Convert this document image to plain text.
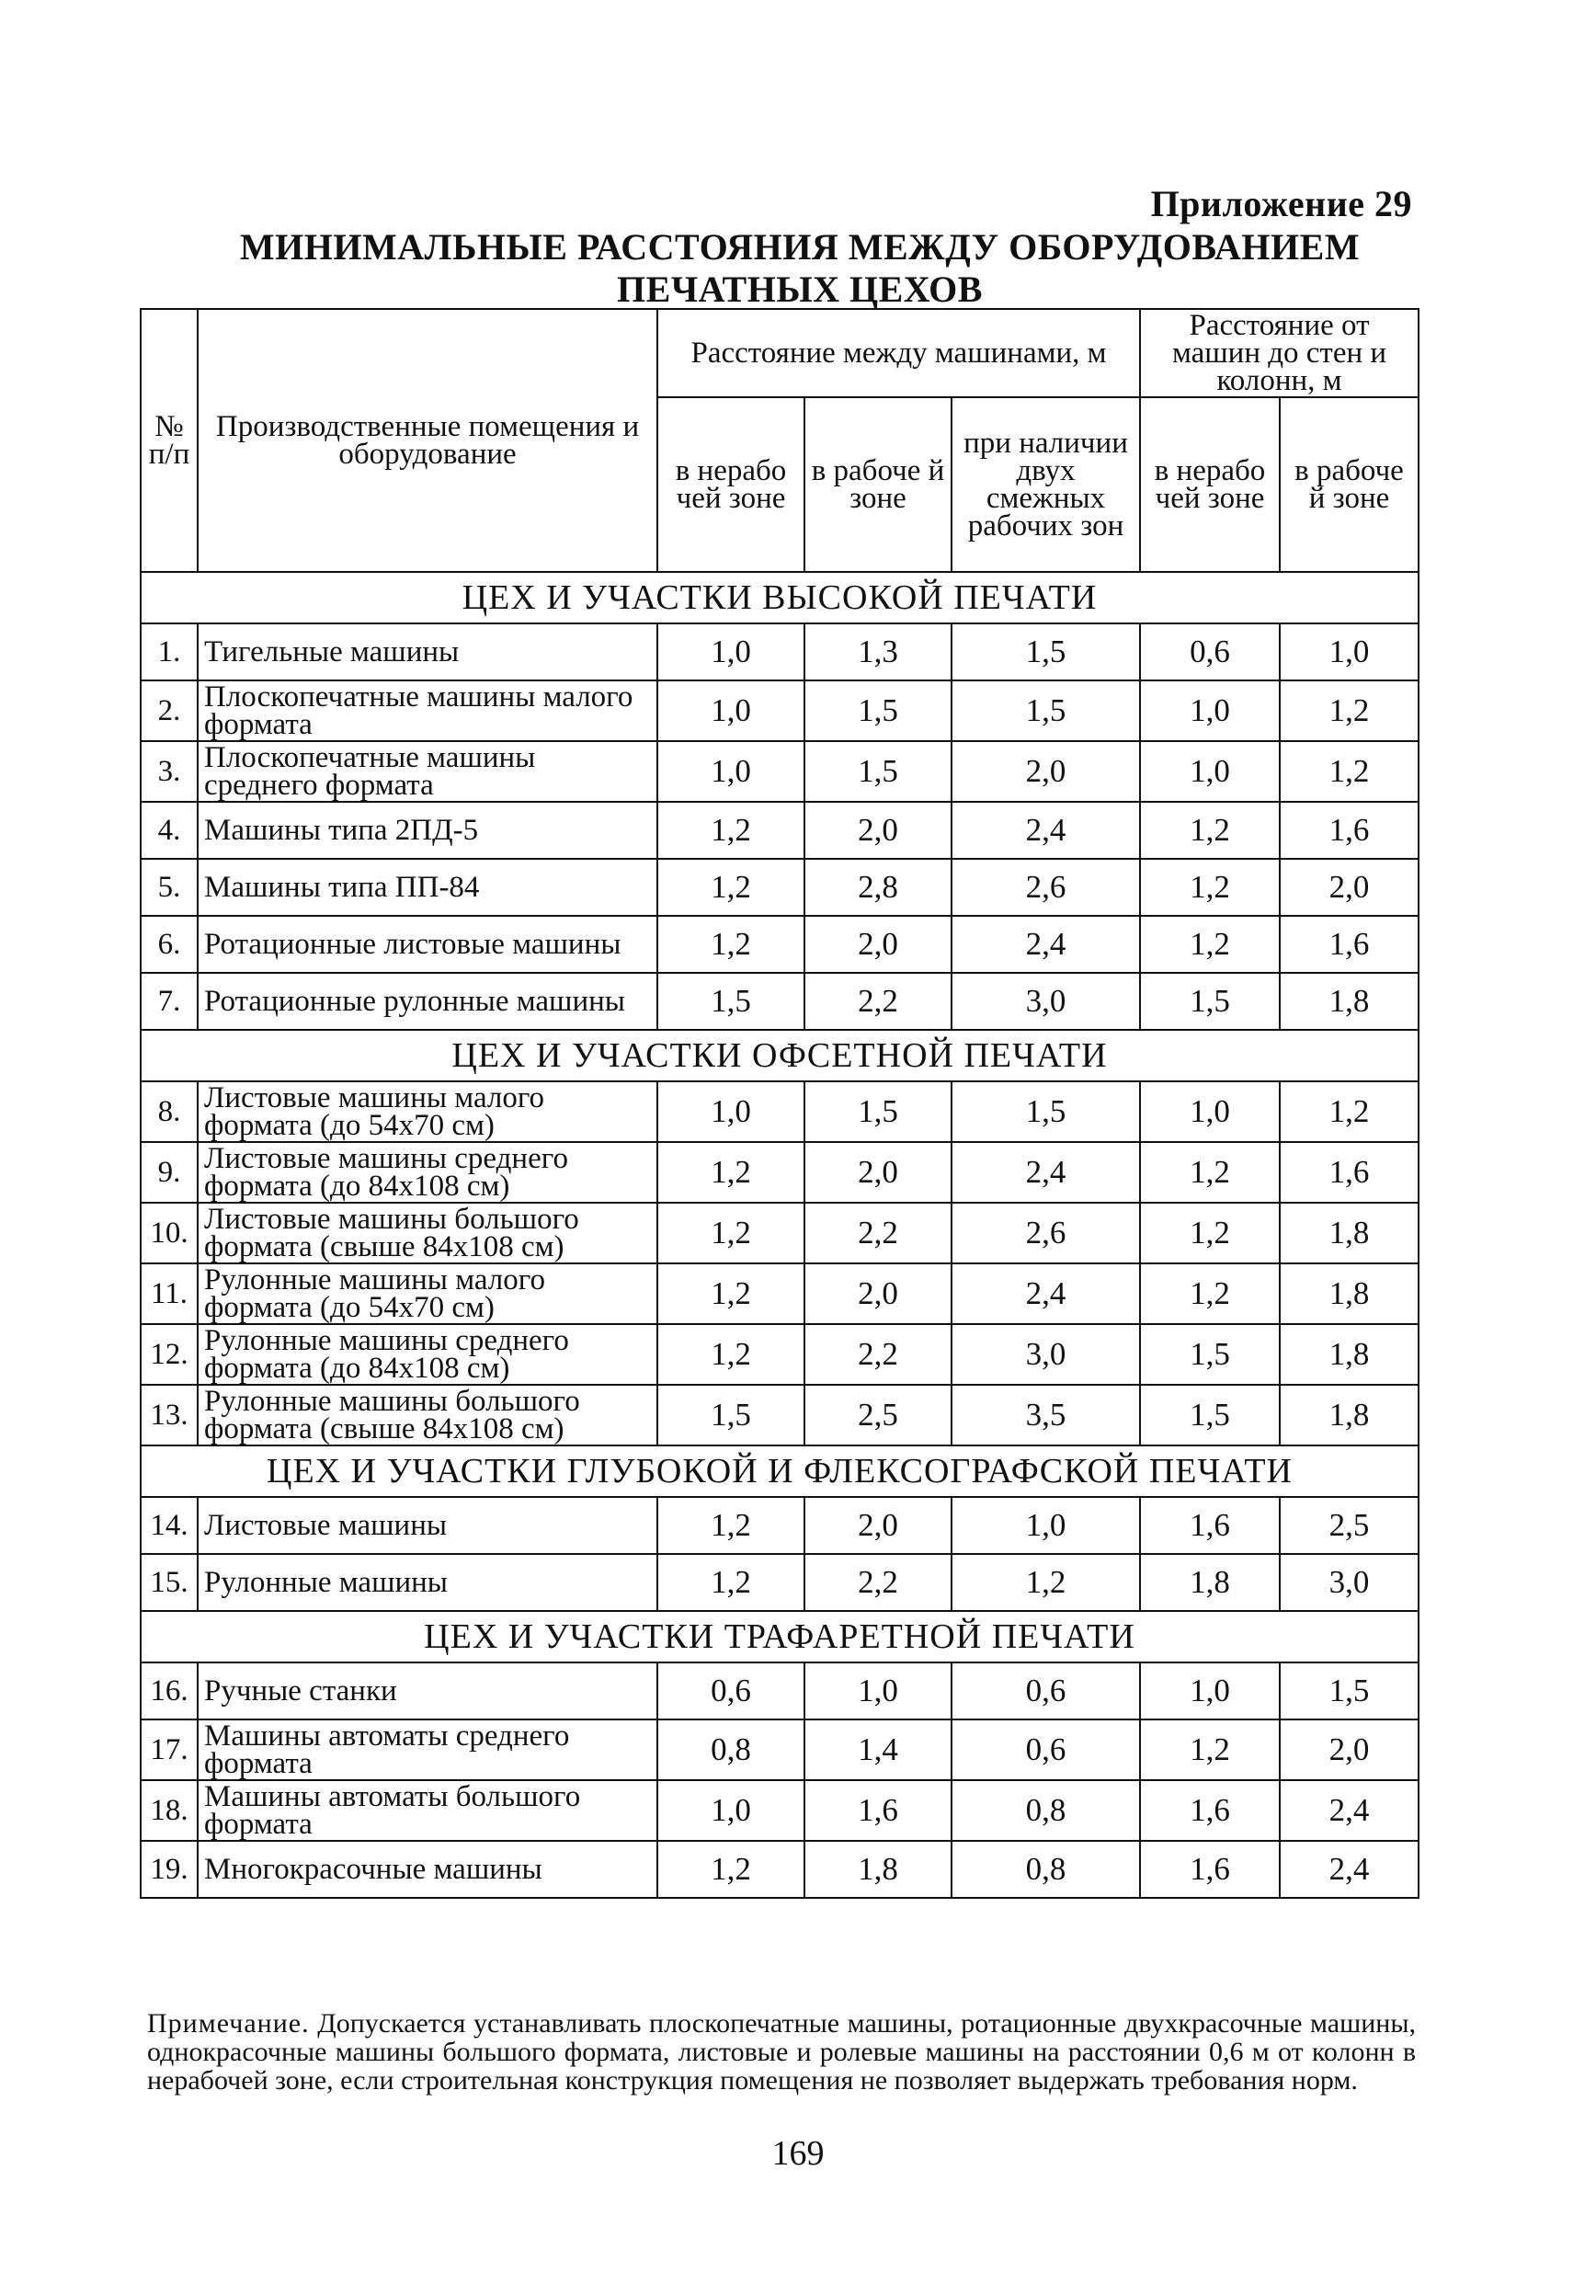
Приложение 29
МИНИМАЛЬНЫЕ РАССТОЯНИЯ МЕЖДУ ОБОРУДОВАНИЕМ
ПЕЧАТНЫХ ЦЕХОВ
№ п/п	Производственные помещения и оборудование	Расстояние между машинами, м			Расстояние от машин до стен и колонн, м	
		в нерабо чей зоне	в рабоче й зоне	при наличии двух смежных рабочих зон	в нерабо чей зоне	в рабоче й зоне
ЦЕХ И УЧАСТКИ ВЫСОКОЙ ПЕЧАТИ						
1.	Тигельные машины	1,0	1,3	1,5	0,6	1,0
2.	Плоскопечатные машины малого формата	1,0	1,5	1,5	1,0	1,2
3.	Плоскопечатные машины среднего формата	1,0	1,5	2,0	1,0	1,2
4.	Машины типа 2ПД-5	1,2	2,0	2,4	1,2	1,6
5.	Машины типа ПП-84	1,2	2,8	2,6	1,2	2,0
6.	Ротационные листовые машины	1,2	2,0	2,4	1,2	1,6
7.	Ротационные рулонные машины	1,5	2,2	3,0	1,5	1,8
ЦЕХ И УЧАСТКИ ОФСЕТНОЙ ПЕЧАТИ						
8.	Листовые машины малого формата (до 54х70 см)	1,0	1,5	1,5	1,0	1,2
9.	Листовые машины среднего формата (до 84х108 см)	1,2	2,0	2,4	1,2	1,6
10.	Листовые машины большого формата (свыше 84х108 см)	1,2	2,2	2,6	1,2	1,8
11.	Рулонные машины малого формата (до 54х70 см)	1,2	2,0	2,4	1,2	1,8
12.	Рулонные машины среднего формата (до 84х108 см)	1,2	2,2	3,0	1,5	1,8
13.	Рулонные машины большого формата (свыше 84х108 см)	1,5	2,5	3,5	1,5	1,8
ЦЕХ И УЧАСТКИ ГЛУБОКОЙ И ФЛЕКСОГРАФСКОЙ ПЕЧАТИ						
14.	Листовые машины	1,2	2,0	1,0	1,6	2,5
15.	Рулонные машины	1,2	2,2	1,2	1,8	3,0
ЦЕХ И УЧАСТКИ ТРАФАРЕТНОЙ ПЕЧАТИ						
16.	Ручные станки	0,6	1,0	0,6	1,0	1,5
17.	Машины автоматы среднего формата	0,8	1,4	0,6	1,2	2,0
18.	Машины автоматы большого формата	1,0	1,6	0,8	1,6	2,4
19.	Многокрасочные машины	1,2	1,8	0,8	1,6	2,4
Примечание. Допускается устанавливать плоскопечатные машины, ротационные двухкрасочные машины, однокрасочные машины большого формата, листовые и ролевые машины на расстоянии 0,6 м от колонн в нерабочей зоне, если строительная конструкция помещения не позволяет выдержать требования норм.
169
